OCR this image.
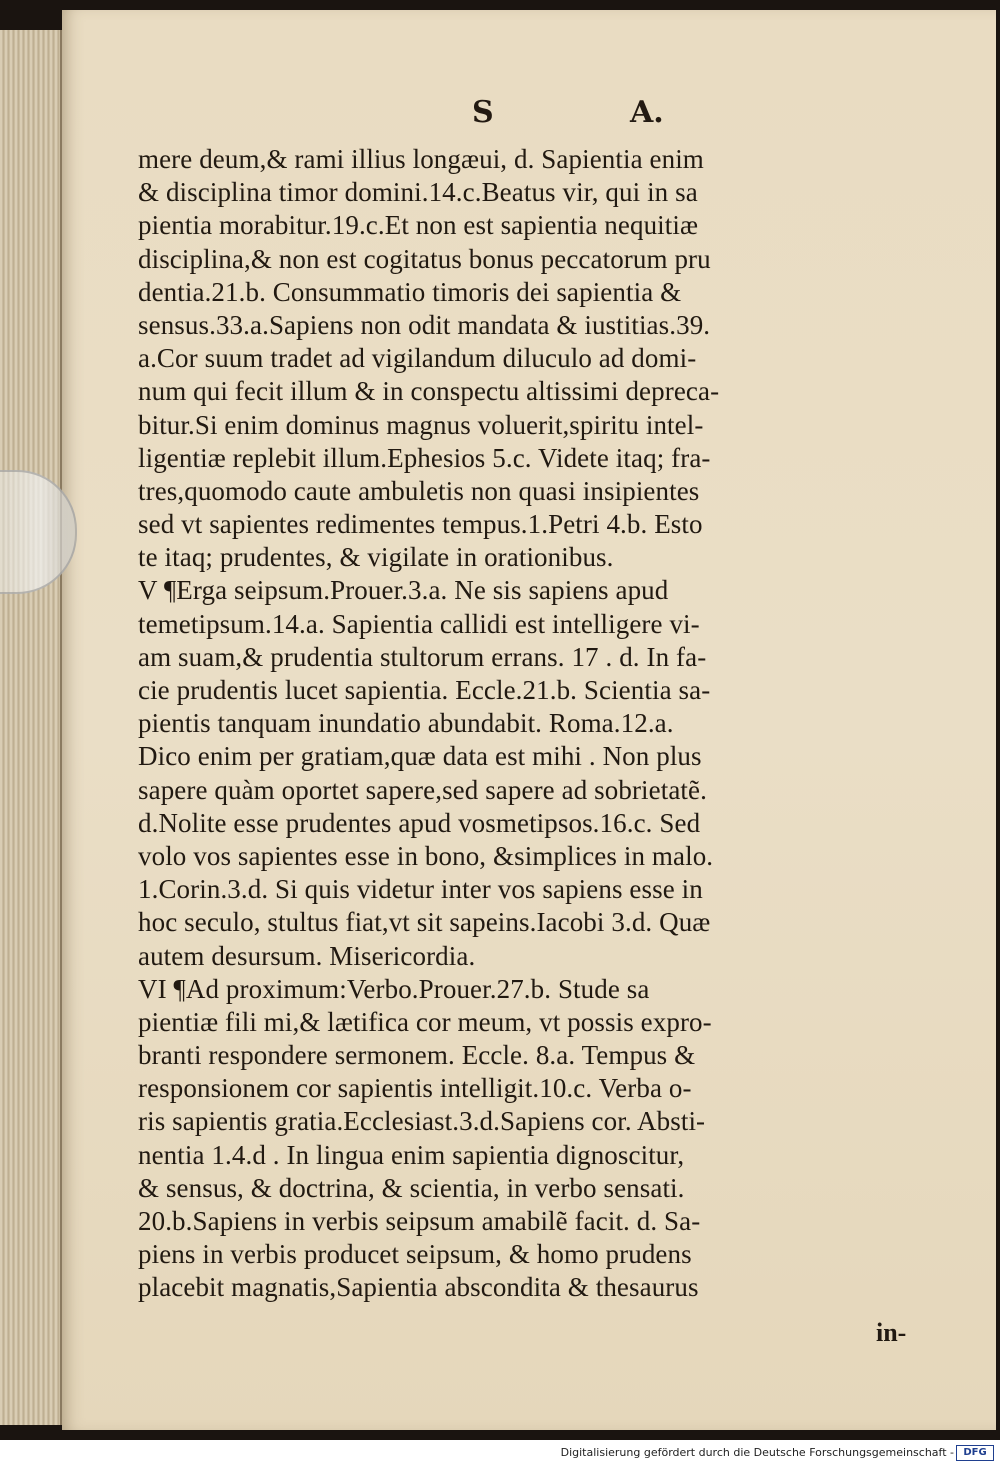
S	A.
mere deum,& rami illius longæui, d. Sapientia enim
& disciplina timor domini.14.c.Beatus vir, qui in sa
pientia morabitur.19.c.Et non est sapientia nequitiæ
disciplina,& non est cogitatus bonus peccatorum pru
dentia.21.b. Consummatio timoris dei sapientia &
sensus.33.a.Sapiens non odit mandata & iustitias.39.
a.Cor suum tradet ad vigilandum diluculo ad domi-
num qui fecit illum & in conspectu altissimi depreca-
bitur.Si enim dominus magnus voluerit,spiritu intel-
ligentiæ replebit illum.Ephesios 5.c. Videte itaq; fra-
tres,quomodo caute ambuletis non quasi insipientes
sed vt sapientes redimentes tempus.1.Petri 4.b. Esto
te itaq; prudentes, & vigilate in orationibus.
V ¶Erga seipsum.Prouer.3.a. Ne sis sapiens apud
temetipsum.14.a. Sapientia callidi est intelligere vi-
am suam,& prudentia stultorum errans. 17 . d. In fa-
cie prudentis lucet sapientia. Eccle.21.b. Scientia sa-
pientis tanquam inundatio abundabit. Roma.12.a.
Dico enim per gratiam,quæ data est mihi . Non plus
sapere quàm oportet sapere,sed sapere ad sobrietatẽ.
d.Nolite esse prudentes apud vosmetipsos.16.c. Sed
volo vos sapientes esse in bono, &simplices in malo.
1.Corin.3.d. Si quis videtur inter vos sapiens esse in
hoc seculo, stultus fiat,vt sit sapeins.Iacobi 3.d. Quæ
autem desursum. Misericordia.
VI ¶Ad proximum:Verbo.Prouer.27.b. Stude sa
pientiæ fili mi,& lætifica cor meum, vt possis expro-
branti respondere sermonem. Eccle. 8.a. Tempus &
responsionem cor sapientis intelligit.10.c. Verba o-
ris sapientis gratia.Ecclesiast.3.d.Sapiens cor. Absti-
nentia 1.4.d . In lingua enim sapientia dignoscitur,
& sensus, & doctrina, & scientia, in verbo sensati.
20.b.Sapiens in verbis seipsum amabilẽ facit. d. Sa-
piens in verbis producet seipsum, & homo prudens
placebit magnatis,Sapientia abscondita & thesaurus
in-
Digitalisierung gefördert durch die Deutsche Forschungsgemeinschaft - DFG
